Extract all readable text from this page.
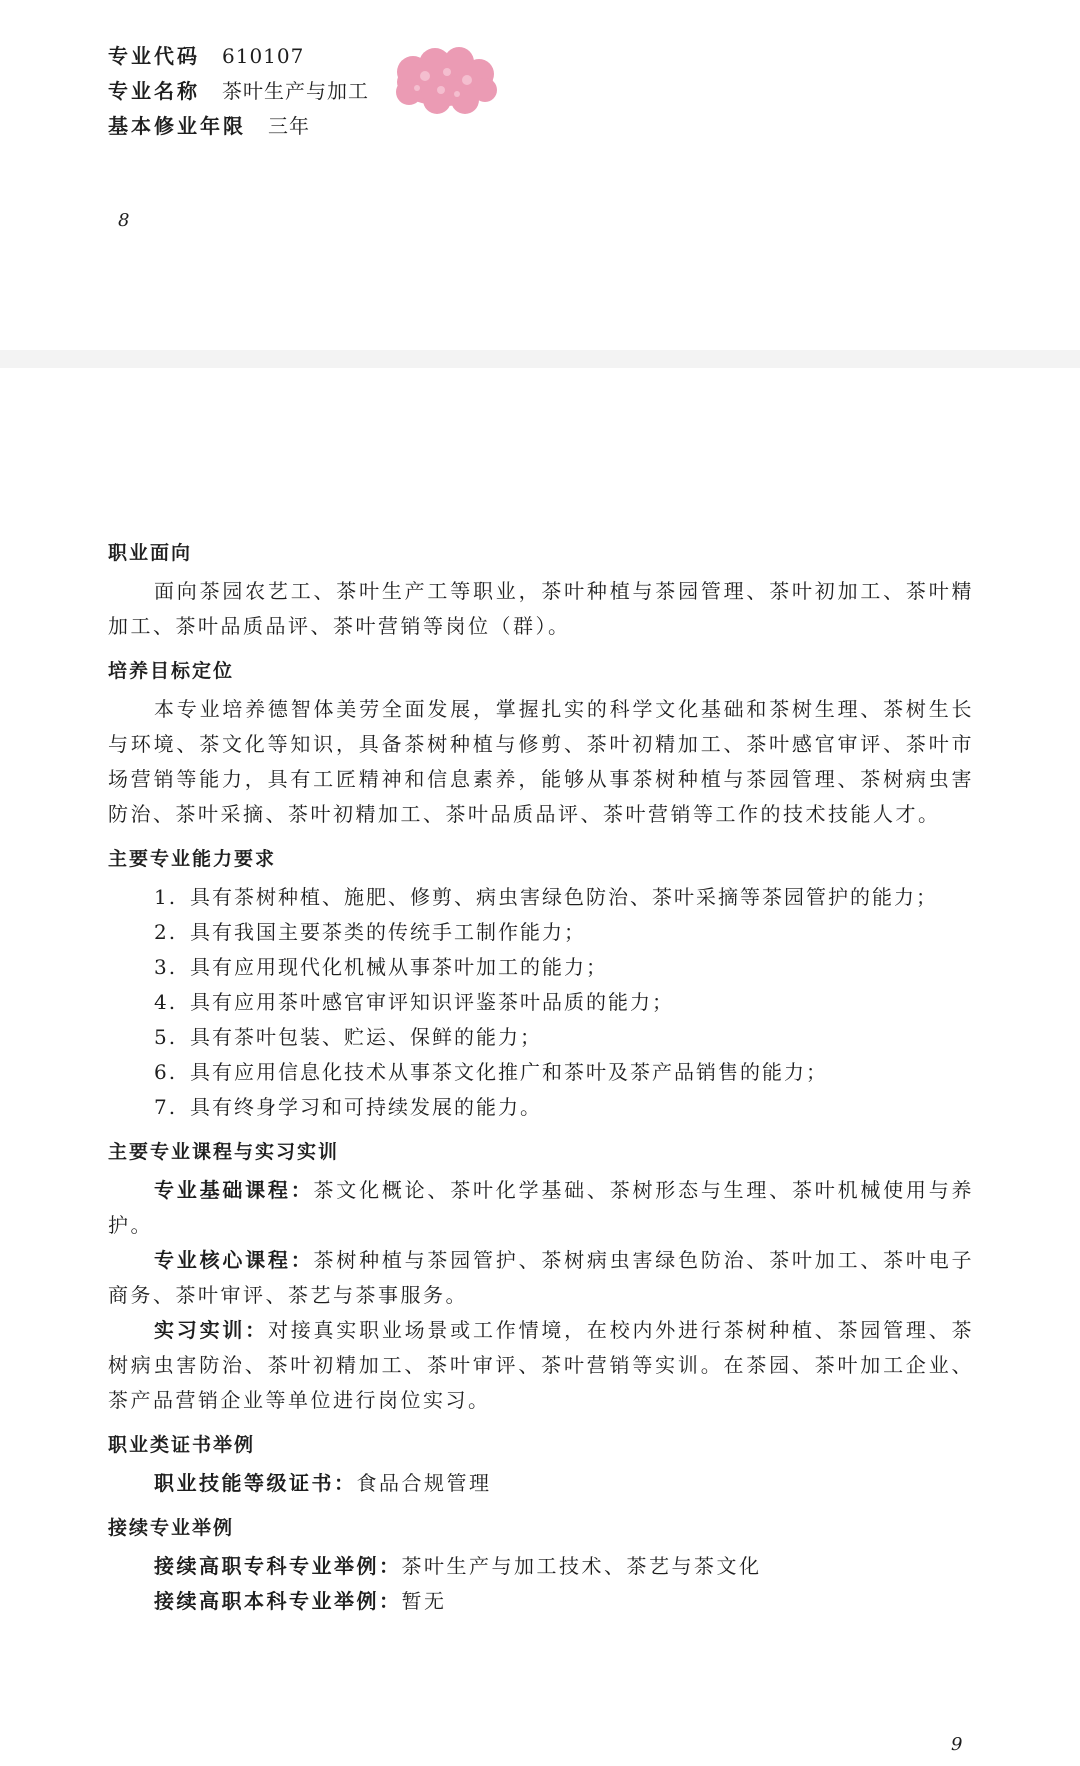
专业代码 610107
专业名称 茶叶生产与加工
基本修业年限 三年
8
职业面向

面向茶园农艺工、茶叶生产工等职业，茶叶种植与茶园管理、茶叶初加工、茶叶精加工、茶叶品质品评、茶叶营销等岗位（群）。

培养目标定位

本专业培养德智体美劳全面发展，掌握扎实的科学文化基础和茶树生理、茶树生长与环境、茶文化等知识，具备茶树种植与修剪、茶叶初精加工、茶叶感官审评、茶叶市场营销等能力，具有工匠精神和信息素养，能够从事茶树种植与茶园管理、茶树病虫害防治、茶叶采摘、茶叶初精加工、茶叶品质品评、茶叶营销等工作的技术技能人才。

主要专业能力要求
1. 具有茶树种植、施肥、修剪、病虫害绿色防治、茶叶采摘等茶园管护的能力；
2. 具有我国主要茶类的传统手工制作能力；
3. 具有应用现代化机械从事茶叶加工的能力；
4. 具有应用茶叶感官审评知识评鉴茶叶品质的能力；
5. 具有茶叶包装、贮运、保鲜的能力；
6. 具有应用信息化技术从事茶文化推广和茶叶及茶产品销售的能力；
7. 具有终身学习和可持续发展的能力。
主要专业课程与实习实训

专业基础课程：茶文化概论、茶叶化学基础、茶树形态与生理、茶叶机械使用与养护。

专业核心课程：茶树种植与茶园管护、茶树病虫害绿色防治、茶叶加工、茶叶电子商务、茶叶审评、茶艺与茶事服务。

实习实训：对接真实职业场景或工作情境，在校内外进行茶树种植、茶园管理、茶树病虫害防治、茶叶初精加工、茶叶审评、茶叶营销等实训。在茶园、茶叶加工企业、茶产品营销企业等单位进行岗位实习。

职业类证书举例

职业技能等级证书：食品合规管理

接续专业举例

接续高职专科专业举例：茶叶生产与加工技术、茶艺与茶文化

接续高职本科专业举例：暂无

9
